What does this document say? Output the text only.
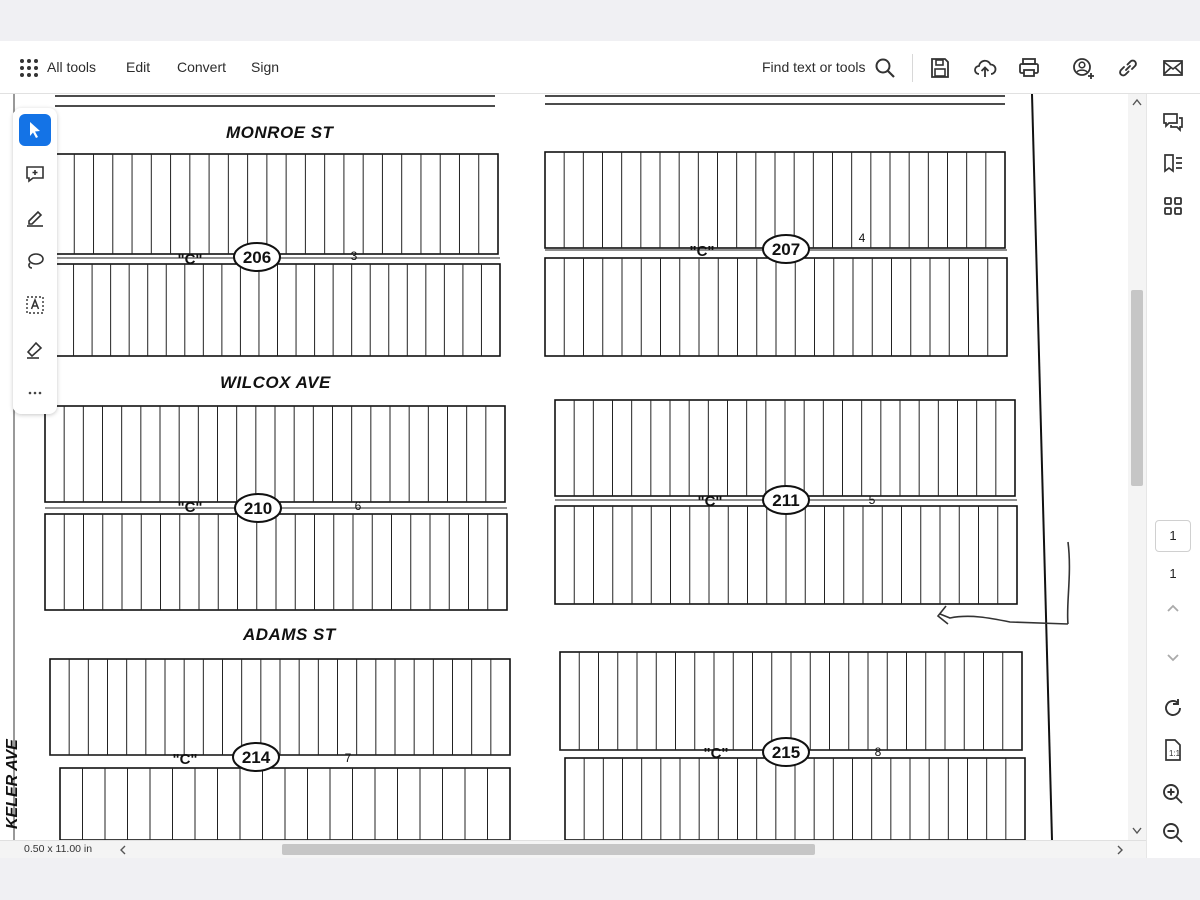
All tools Edit Convert Sign	Find text or tools
206
"C"	3	207
"C"
4
210
"C"	6	211
"C"	5
214
"C"	7	215
"C"	8
MONROE ST
WILCOX AVE
ADAMS ST
KELER AVE	1:1
1
1
0.50 x 11.00 in
